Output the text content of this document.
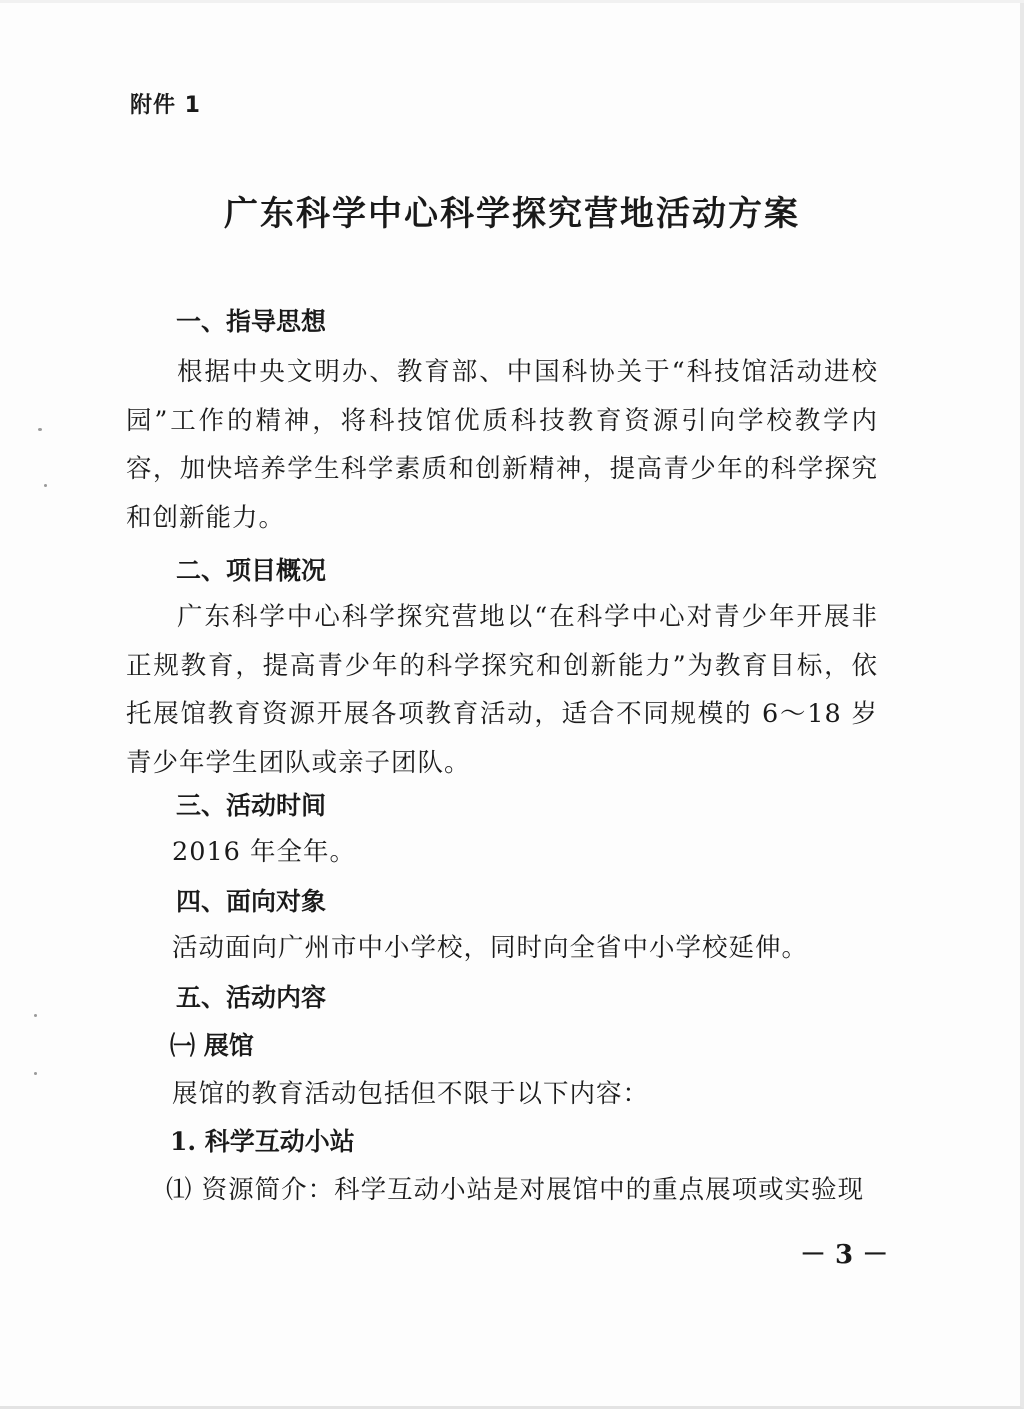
附件 1
广东科学中心科学探究营地活动方案
一、指导思想
根据中央文明办、教育部、中国科协关于“科技馆活动进校园”工作的精神，将科技馆优质科技教育资源引向学校教学内容，加快培养学生科学素质和创新精神，提高青少年的科学探究和创新能力。
二、项目概况
广东科学中心科学探究营地以“在科学中心对青少年开展非正规教育，提高青少年的科学探究和创新能力”为教育目标，依托展馆教育资源开展各项教育活动，适合不同规模的 6～18 岁青少年学生团队或亲子团队。
三、活动时间
2016 年全年。
四、面向对象
活动面向广州市中小学校，同时向全省中小学校延伸。
五、活动内容
㈠ 展馆
展馆的教育活动包括但不限于以下内容：
1. 科学互动小站
⑴ 资源简介：科学互动小站是对展馆中的重点展项或实验现
－ 3 －
